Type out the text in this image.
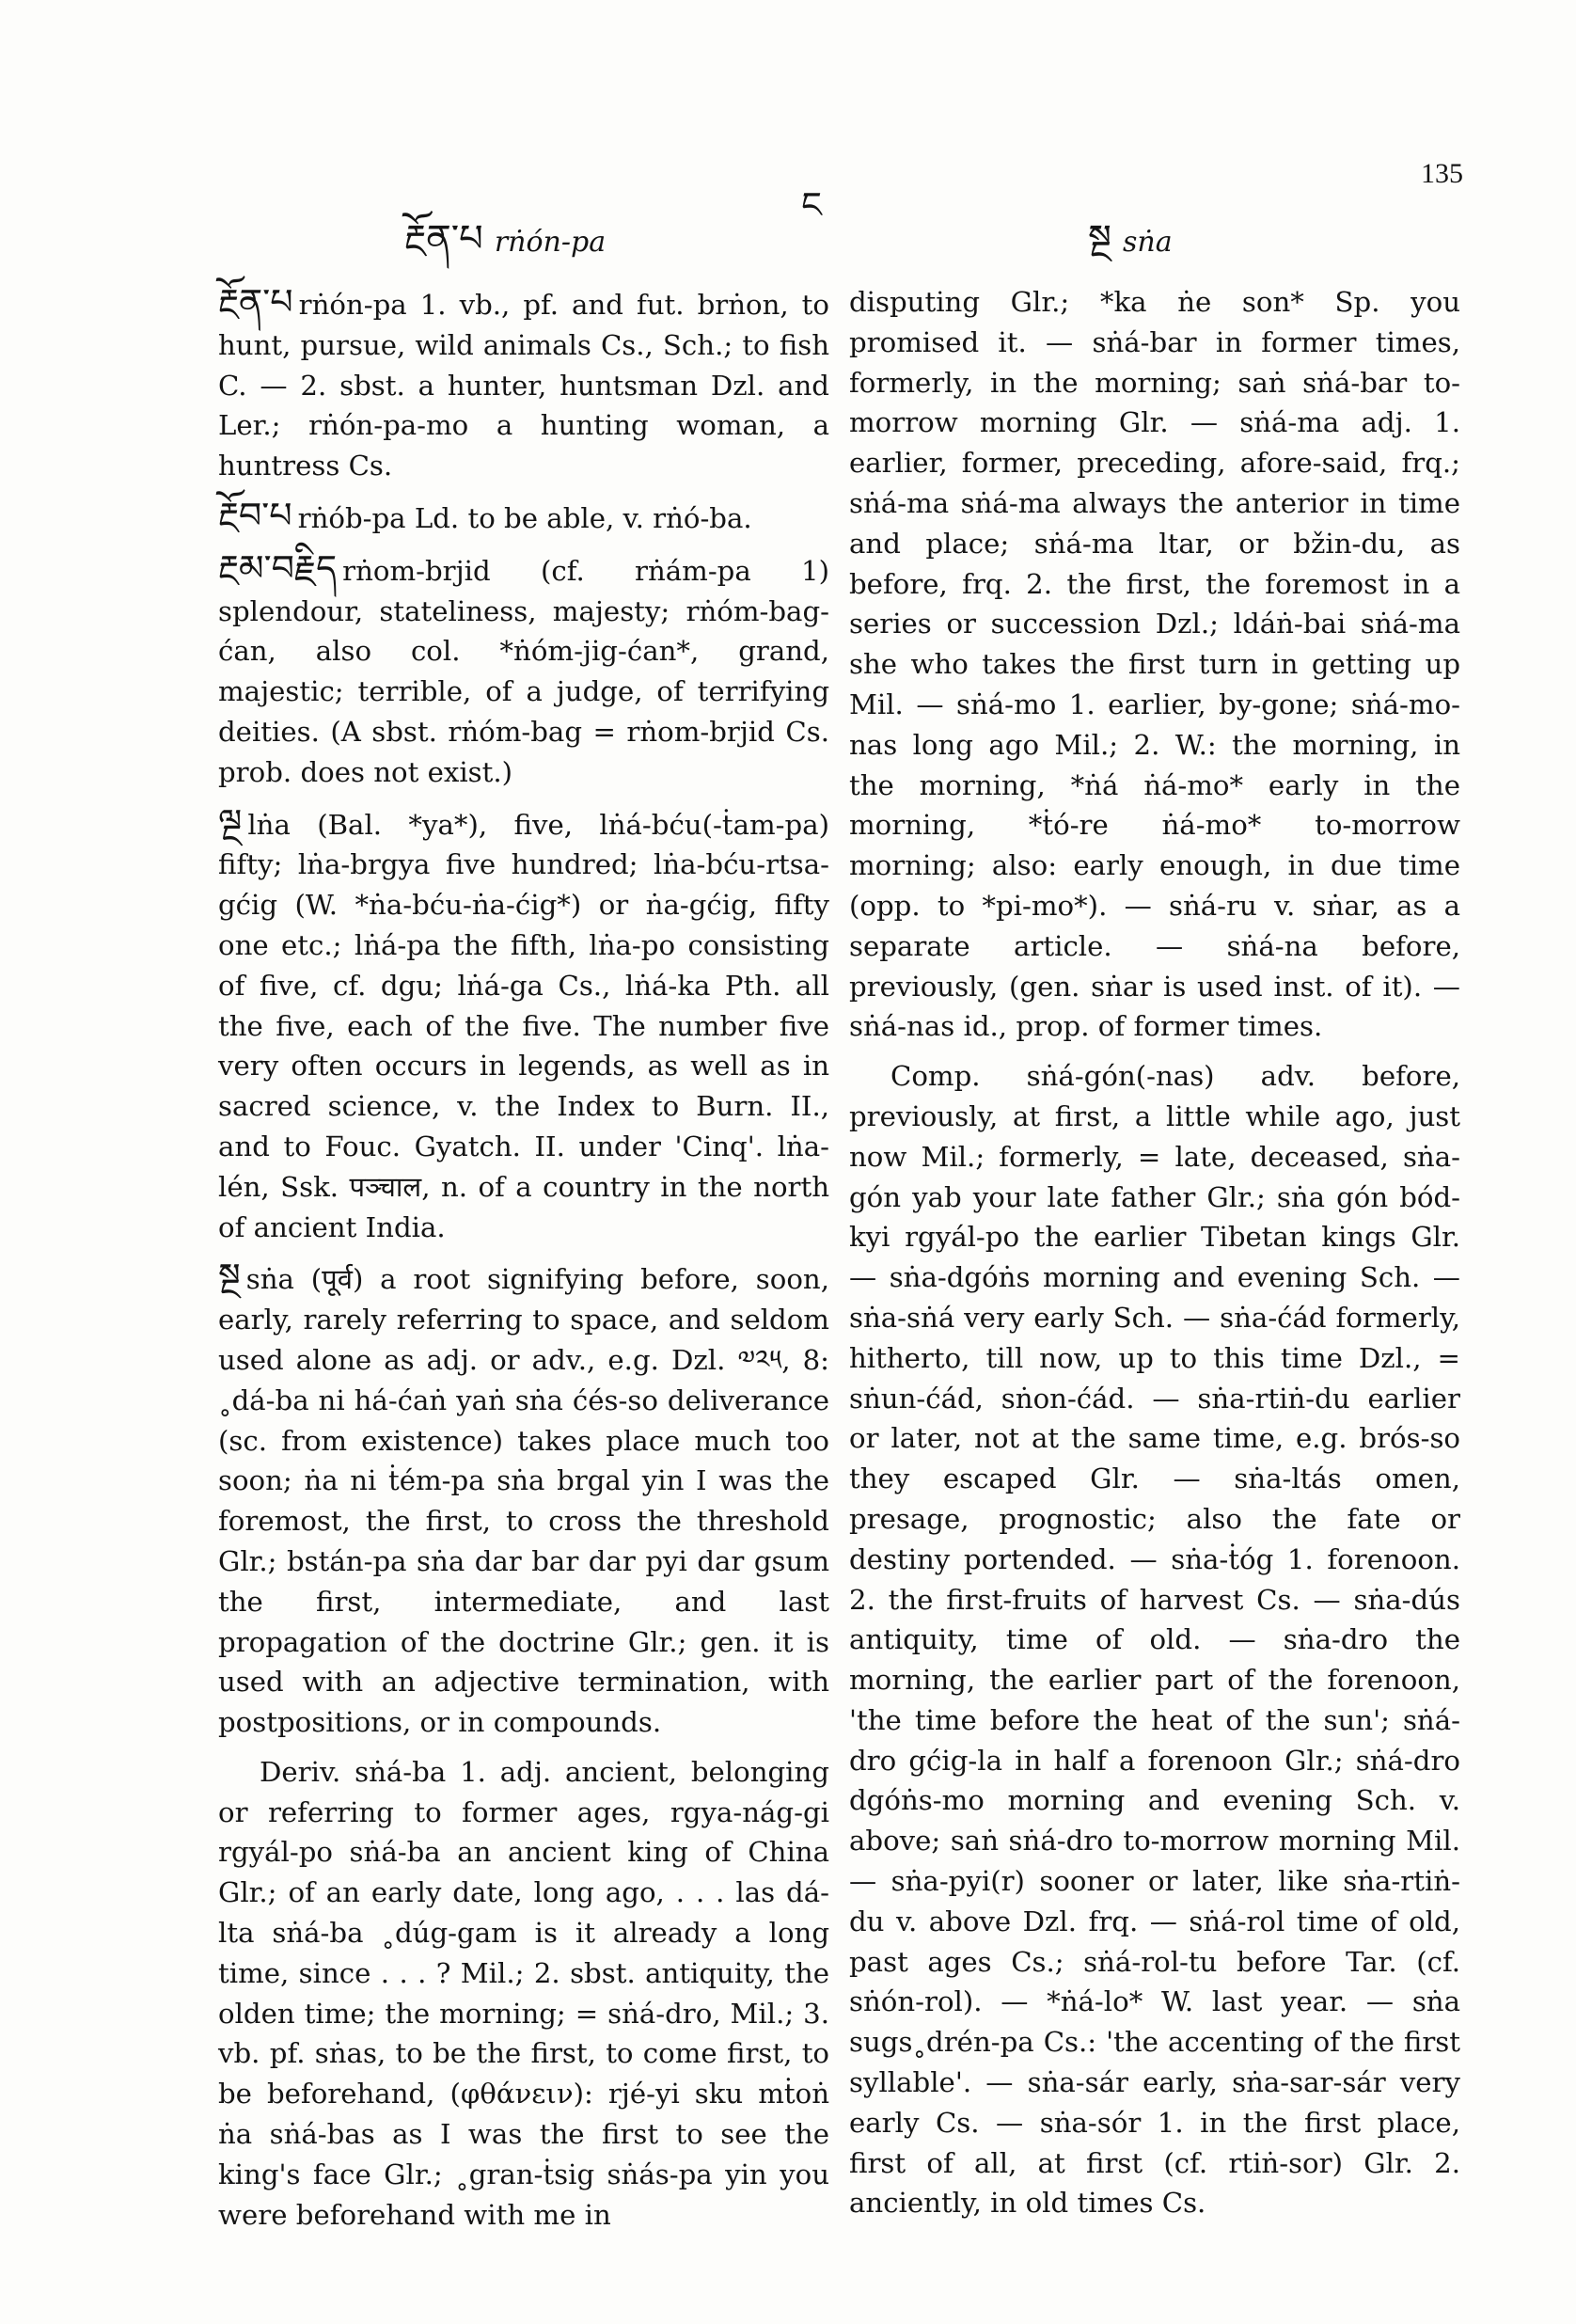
135
ང
རྔོན་པ rṅón-pa	སྔ sṅa

རྔོན་པ rṅón-pa 1. vb., pf. and fut. brṅon, to hunt, pursue, wild animals Cs., Sch.; to fish C. — 2. sbst. a hunter, huntsman Dzl. and Ler.; rṅón-pa-mo a hunting woman, a huntress Cs.

རྔོབ་པ rṅób-pa Ld. to be able, v. rṅó-ba.

རྔམ་བརྗིད rṅom-brjid (cf. rṅám-pa 1) splendour, stateliness, majesty; rṅóm-bag-ćan, also col. *ṅóm-jig-ćan*, grand, majestic; terrible, of a judge, of terrifying deities. (A sbst. rṅóm-bag = rṅom-brjid Cs. prob. does not exist.)

ལྔ lṅa (Bal. *ya*), five, lṅá-bću(-ṫam-pa) fifty; lṅa-brgya five hundred; lṅa-bću-rtsa-gćig (W. *ṅa-bću-ṅa-ćig*) or ṅa-gćig, fifty one etc.; lṅá-pa the fifth, lṅa-po consisting of five, cf. dgu; lṅá-ga Cs., lṅá-ka Pth. all the five, each of the five. The number five very often occurs in legends, as well as in sacred science, v. the Index to Burn. II., and to Fouc. Gyatch. II. under 'Cinq'. lṅa-lén, Ssk. पञ्चाल, n. of a country in the north of ancient India.

སྔ sṅa (पूर्व) a root signifying before, soon, early, rarely referring to space, and seldom used alone as adj. or adv., e.g. Dzl. ༧༢༥, 8: ˳dá-ba ni há-ćaṅ yaṅ sṅa ćés-so deliverance (sc. from existence) takes place much too soon; ṅa ni ṫém-pa sṅa brgal yin I was the foremost, the first, to cross the threshold Glr.; bstán-pa sṅa dar bar dar pyi dar gsum the first, intermediate, and last propagation of the doctrine Glr.; gen. it is used with an adjective termination, with postpositions, or in compounds.

Deriv. sṅá-ba 1. adj. ancient, belonging or referring to former ages, rgya-nág-gi rgyál-po sṅá-ba an ancient king of China Glr.; of an early date, long ago, . . . las dá-lta sṅá-ba ˳dúg-gam is it already a long time, since . . . ? Mil.; 2. sbst. antiquity, the olden time; the morning; = sṅá-dro, Mil.; 3. vb. pf. sṅas, to be the first, to come first, to be beforehand, (φθάνειν): rjé-yi sku mṫoṅ ṅa sṅá-bas as I was the first to see the king's face Glr.; ˳gran-ṫsig sṅás-pa yin you were beforehand with me in

disputing Glr.; *ka ṅe son* Sp. you promised it. — sṅá-bar in former times, formerly, in the morning; saṅ sṅá-bar to-morrow morning Glr. — sṅá-ma adj. 1. earlier, former, preceding, afore-said, frq.; sṅá-ma sṅá-ma always the anterior in time and place; sṅá-ma ltar, or bžin-du, as before, frq. 2. the first, the foremost in a series or succession Dzl.; ldáṅ-bai sṅá-ma she who takes the first turn in getting up Mil. — sṅá-mo 1. earlier, by-gone; sṅá-mo-nas long ago Mil.; 2. W.: the morning, in the morning, *ṅá ṅá-mo* early in the morning, *ṫó-re ṅá-mo* to-morrow morning; also: early enough, in due time (opp. to *pi-mo*). — sṅá-ru v. sṅar, as a separate article. — sṅá-na before, previously, (gen. sṅar is used inst. of it). — sṅá-nas id., prop. of former times.

Comp. sṅá-gón(-nas) adv. before, previously, at first, a little while ago, just now Mil.; formerly, = late, deceased, sṅa-gón yab your late father Glr.; sṅa gón bód-kyi rgyál-po the earlier Tibetan kings Glr. — sṅa-dgóṅs morning and evening Sch. — sṅa-sṅá very early Sch. — sṅa-ćád formerly, hitherto, till now, up to this time Dzl., = sṅun-ćád, sṅon-ćád. — sṅa-rtiṅ-du earlier or later, not at the same time, e.g. brós-so they escaped Glr. — sṅa-ltás omen, presage, prognostic; also the fate or destiny portended. — sṅa-ṫóg 1. forenoon. 2. the first-fruits of harvest Cs. — sṅa-dús antiquity, time of old. — sṅa-dro the morning, the earlier part of the forenoon, 'the time before the heat of the sun'; sṅá-dro gćig-la in half a forenoon Glr.; sṅá-dro dgóṅs-mo morning and evening Sch. v. above; saṅ sṅá-dro to-morrow morning Mil. — sṅa-pyi(r) sooner or later, like sṅa-rtiṅ-du v. above Dzl. frq. — sṅá-rol time of old, past ages Cs.; sṅá-rol-tu before Tar. (cf. sṅón-rol). — *ṅá-lo* W. last year. — sṅa sugs˳drén-pa Cs.: 'the accenting of the first syllable'. — sṅa-sár early, sṅa-sar-sár very early Cs. — sṅa-sór 1. in the first place, first of all, at first (cf. rtiṅ-sor) Glr. 2. anciently, in old times Cs.
